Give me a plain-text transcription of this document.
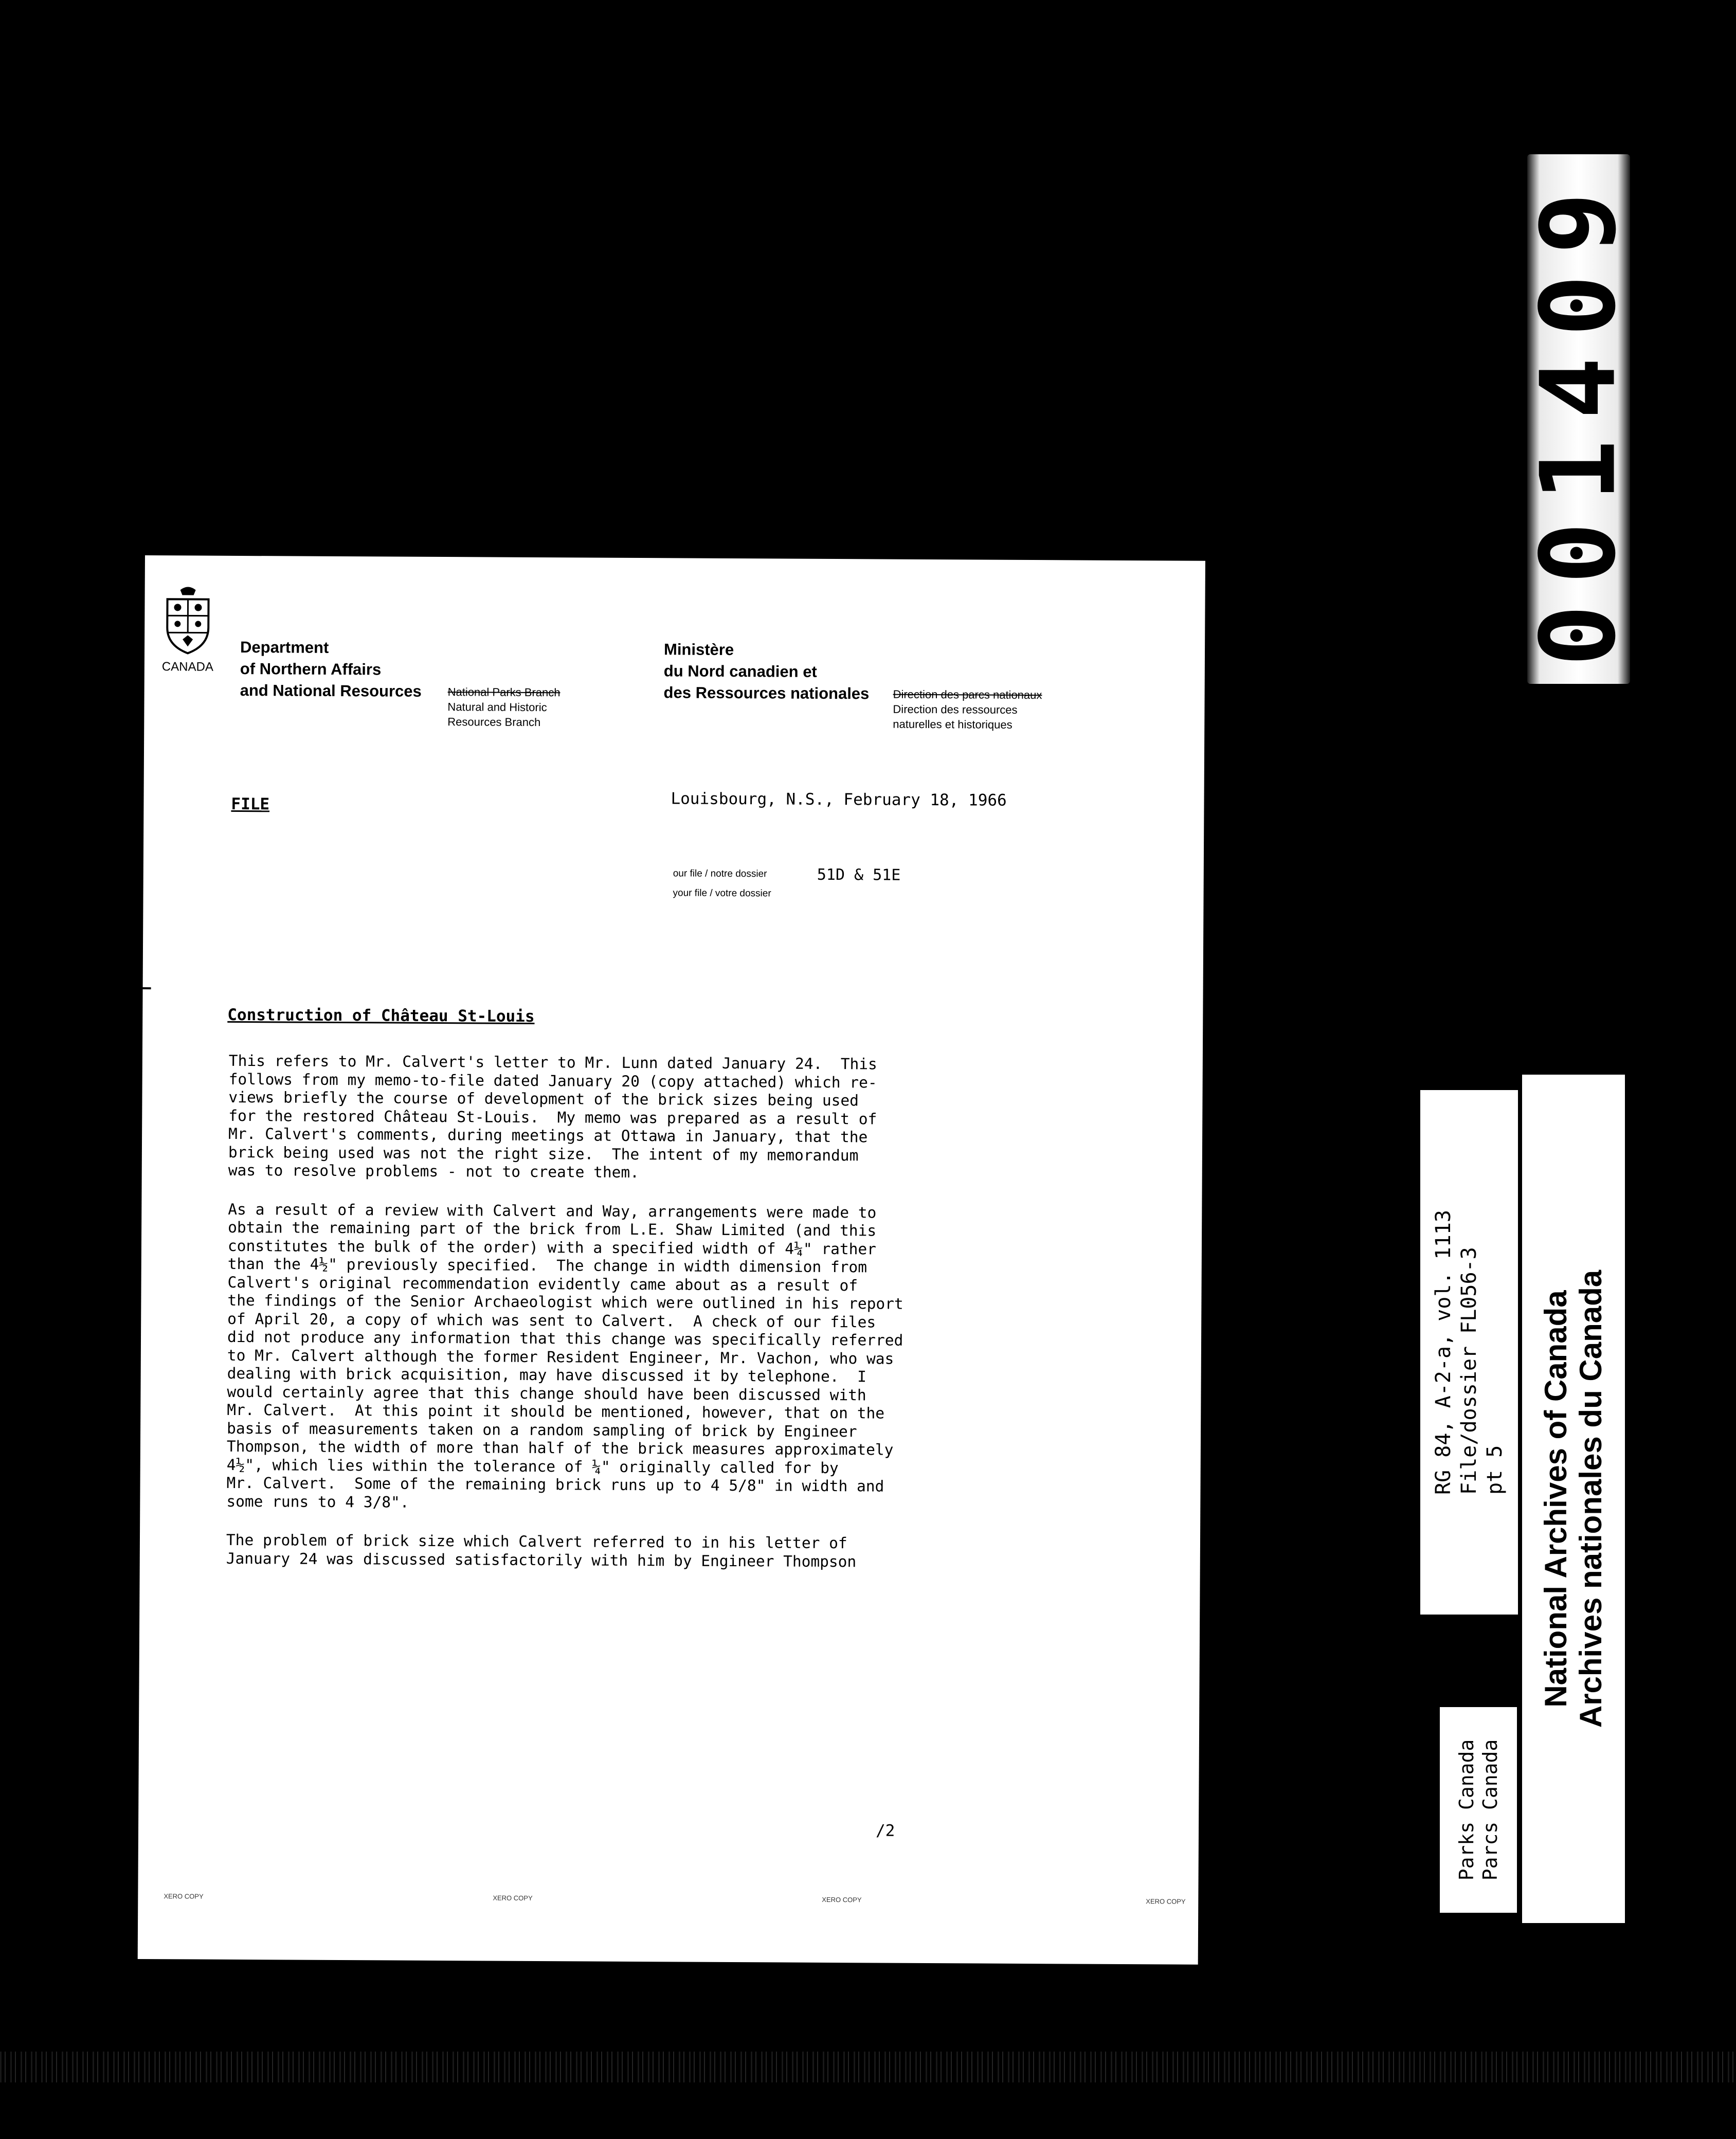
001409
RG 84, A-2-a, vol. 1113 File/dossier FL056-3 pt 5
Parks Canada Parcs Canada
National Archives of Canada Archives nationales du Canada
CANADA
Department
of Northern Affairs
and National Resources National Parks Branch
Natural and Historic
Resources Branch
Ministère
du Nord canadien et
des Ressources nationales Direction des parcs nationaux
Direction des ressources
naturelles et historiques
FILE	Louisbourg, N.S., February 18, 1966
our file / notre dossier
your file / votre dossier
51D & 51E
Construction of Château St-Louis

This refers to Mr. Calvert's letter to Mr. Lunn dated January 24.  This
follows from my memo-to-file dated January 20 (copy attached) which re-
views briefly the course of development of the brick sizes being used
for the restored Château St-Louis.  My memo was prepared as a result of
Mr. Calvert's comments, during meetings at Ottawa in January, that the
brick being used was not the right size.  The intent of my memorandum
was to resolve problems - not to create them.

As a result of a review with Calvert and Way, arrangements were made to
obtain the remaining part of the brick from L.E. Shaw Limited (and this
constitutes the bulk of the order) with a specified width of 4¼" rather
than the 4½" previously specified.  The change in width dimension from
Calvert's original recommendation evidently came about as a result of
the findings of the Senior Archaeologist which were outlined in his report
of April 20, a copy of which was sent to Calvert.  A check of our files
did not produce any information that this change was specifically referred
to Mr. Calvert although the former Resident Engineer, Mr. Vachon, who was
dealing with brick acquisition, may have discussed it by telephone.  I
would certainly agree that this change should have been discussed with
Mr. Calvert.  At this point it should be mentioned, however, that on the
basis of measurements taken on a random sampling of brick by Engineer
Thompson, the width of more than half of the brick measures approximately
4½", which lies within the tolerance of ¼" originally called for by
Mr. Calvert.  Some of the remaining brick runs up to 4 5/8" in width and
some runs to 4 3/8".

The problem of brick size which Calvert referred to in his letter of
January 24 was discussed satisfactorily with him by Engineer Thompson

/2
XERO COPY	XERO COPY	XERO COPY	XERO COPY
